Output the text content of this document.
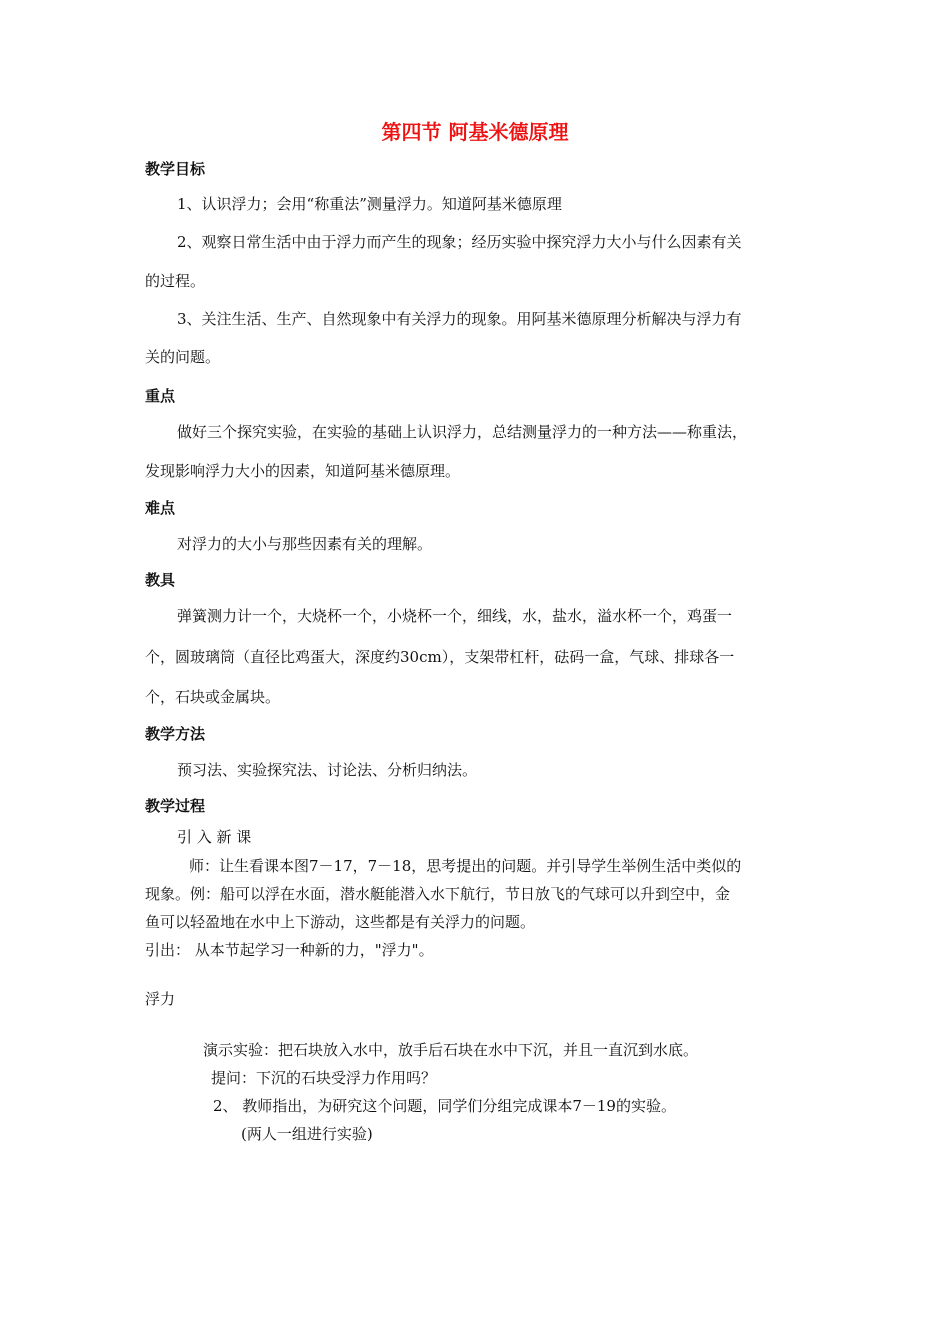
第四节 阿基米德原理
教学目标
1、认识浮力；会用“称重法”测量浮力。知道阿基米德原理
2、观察日常生活中由于浮力而产生的现象；经历实验中探究浮力大小与什么因素有关
的过程。
3、关注生活、生产、自然现象中有关浮力的现象。用阿基米德原理分析解决与浮力有
关的问题。
重点
做好三个探究实验，在实验的基础上认识浮力，总结测量浮力的一种方法——称重法，
发现影响浮力大小的因素，知道阿基米德原理。
难点
对浮力的大小与那些因素有关的理解。
教具
弹簧测力计一个，大烧杯一个，小烧杯一个，细线，水，盐水，溢水杯一个，鸡蛋一
个，圆玻璃筒（直径比鸡蛋大，深度约30cm），支架带杠杆，砝码一盒，气球、排球各一
个，石块或金属块。
教学方法
预习法、实验探究法、讨论法、分析归纳法。
教学过程
引 入 新 课
师：让生看课本图7－17，7－18，思考提出的问题。并引导学生举例生活中类似的
现象。例：船可以浮在水面，潜水艇能潜入水下航行，节日放飞的气球可以升到空中，金
鱼可以轻盈地在水中上下游动，这些都是有关浮力的问题。
引出： 从本节起学习一种新的力，"浮力"。
浮力
演示实验：把石块放入水中，放手后石块在水中下沉，并且一直沉到水底。
提问：下沉的石块受浮力作用吗？
2、 教师指出，为研究这个问题，同学们分组完成课本7－19的实验。
(两人一组进行实验)
